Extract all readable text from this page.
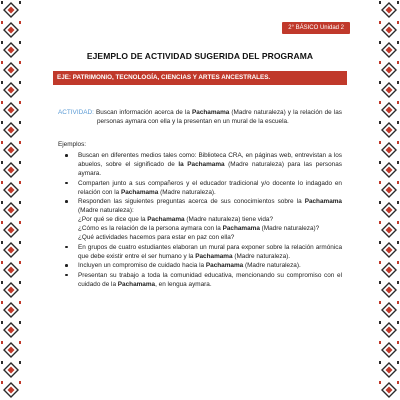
2° BÁSICO Unidad 2
EJEMPLO DE ACTIVIDAD SUGERIDA DEL PROGRAMA
EJE: PATRIMONIO, TECNOLOGÍA, CIENCIAS Y ARTES ANCESTRALES.

ACTIVIDAD: Buscan información acerca de la Pachamama (Madre naturaleza) y la relación de las personas aymara con ella y la presentan en un mural de la escuela.

Ejemplos:

Buscan en diferentes medios tales como: Biblioteca CRA, en páginas web, entrevistan a los abuelos, sobre el significado de la Pachamama (Madre naturaleza) para las personas aymara.
Comparten junto a sus compañeros y el educador tradicional y/o docente lo indagado en relación con la Pachamama (Madre naturaleza).
Responden las siguientes preguntas acerca de sus conocimientos sobre la Pachamama (Madre naturaleza):
¿Por qué se dice que la Pachamama (Madre naturaleza) tiene vida?
¿Cómo es la relación de la persona aymara con la Pachamama (Madre naturaleza)?
¿Qué actividades hacemos para estar en paz con ella?
En grupos de cuatro estudiantes elaboran un mural para exponer sobre la relación armónica que debe existir entre el ser humano y la Pachamama (Madre naturaleza).
Incluyen un compromiso de cuidado hacia la Pachamama (Madre naturaleza).
Presentan su trabajo a toda la comunidad educativa, mencionando su compromiso con el cuidado de la Pachamama, en lengua aymara.
